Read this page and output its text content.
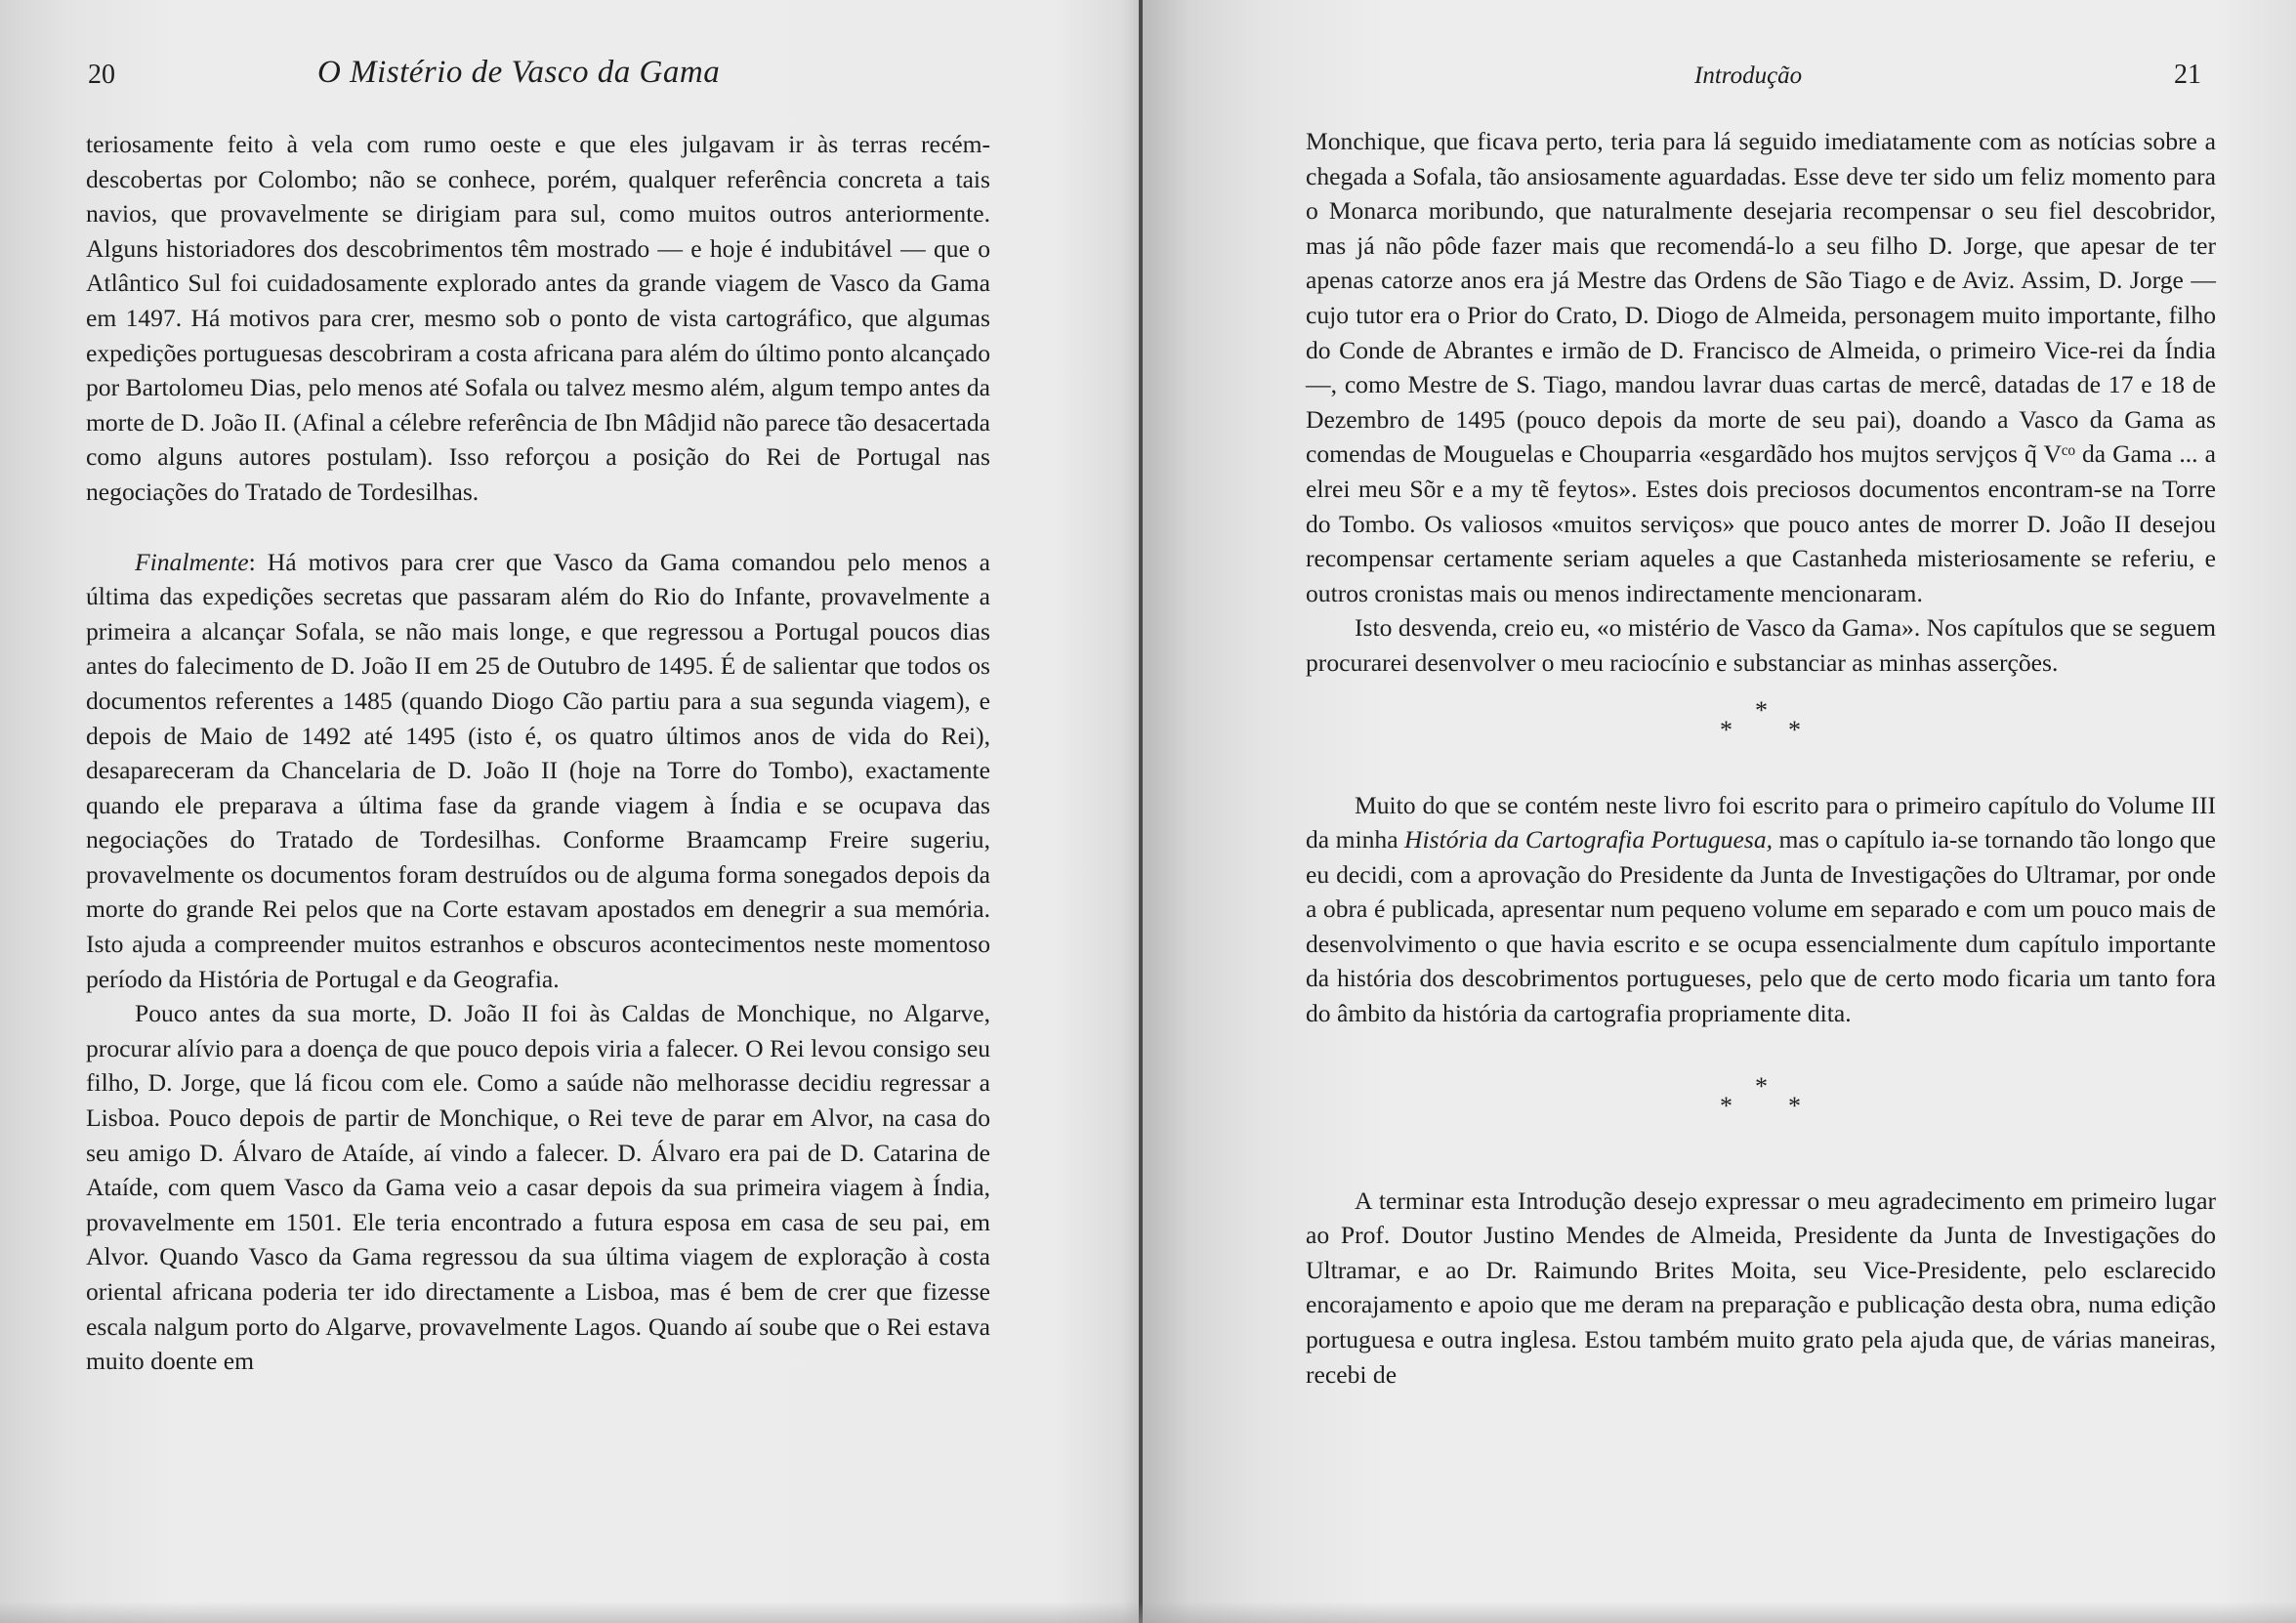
20	O Mistério de Vasco da Gama

teriosamente feito à vela com rumo oeste e que eles julgavam ir às terras recém-descobertas por Colombo; não se conhece, porém, qualquer referência concreta a tais navios, que provavelmente se dirigiam para sul, como muitos outros anteriormente. Alguns historiadores dos descobrimentos têm mostrado — e hoje é indubitável — que o Atlântico Sul foi cuidadosamente explorado antes da grande viagem de Vasco da Gama em 1497. Há motivos para crer, mesmo sob o ponto de vista cartográfico, que algumas expedições portuguesas descobriram a costa africana para além do último ponto alcançado por Bartolomeu Dias, pelo menos até Sofala ou talvez mesmo além, algum tempo antes da morte de D. João II. (Afinal a célebre referência de Ibn Mâdjid não parece tão desacertada como alguns autores postulam). Isso reforçou a posição do Rei de Portugal nas negociações do Tratado de Tordesilhas.

Finalmente: Há motivos para crer que Vasco da Gama comandou pelo menos a última das expedições secretas que passaram além do Rio do Infante, provavelmente a primeira a alcançar Sofala, se não mais longe, e que regressou a Portugal poucos dias antes do falecimento de D. João II em 25 de Outubro de 1495. É de salientar que todos os documentos referentes a 1485 (quando Diogo Cão partiu para a sua segunda viagem), e depois de Maio de 1492 até 1495 (isto é, os quatro últimos anos de vida do Rei), desapareceram da Chancelaria de D. João II (hoje na Torre do Tombo), exactamente quando ele preparava a última fase da grande viagem à Índia e se ocupava das negociações do Tratado de Tordesilhas. Conforme Braamcamp Freire sugeriu, provavelmente os documentos foram destruídos ou de alguma forma sonegados depois da morte do grande Rei pelos que na Corte estavam apostados em denegrir a sua memória. Isto ajuda a compreender muitos estranhos e obscuros acontecimentos neste momentoso período da História de Portugal e da Geografia.

Pouco antes da sua morte, D. João II foi às Caldas de Monchique, no Algarve, procurar alívio para a doença de que pouco depois viria a falecer. O Rei levou consigo seu filho, D. Jorge, que lá ficou com ele. Como a saúde não melhorasse decidiu regressar a Lisboa. Pouco depois de partir de Monchique, o Rei teve de parar em Alvor, na casa do seu amigo D. Álvaro de Ataíde, aí vindo a falecer. D. Álvaro era pai de D. Catarina de Ataíde, com quem Vasco da Gama veio a casar depois da sua primeira viagem à Índia, provavelmente em 1501. Ele teria encontrado a futura esposa em casa de seu pai, em Alvor. Quando Vasco da Gama regressou da sua última viagem de exploração à costa oriental africana poderia ter ido directamente a Lisboa, mas é bem de crer que fizesse escala nalgum porto do Algarve, provavelmente Lagos. Quando aí soube que o Rei estava muito doente em

Introdução	21

Monchique, que ficava perto, teria para lá seguido imediatamente com as notícias sobre a chegada a Sofala, tão ansiosamente aguardadas. Esse deve ter sido um feliz momento para o Monarca moribundo, que naturalmente desejaria recompensar o seu fiel descobridor, mas já não pôde fazer mais que recomendá-lo a seu filho D. Jorge, que apesar de ter apenas catorze anos era já Mestre das Ordens de São Tiago e de Aviz. Assim, D. Jorge — cujo tutor era o Prior do Crato, D. Diogo de Almeida, personagem muito importante, filho do Conde de Abrantes e irmão de D. Francisco de Almeida, o primeiro Vice-rei da Índia —, como Mestre de S. Tiago, mandou lavrar duas cartas de mercê, datadas de 17 e 18 de Dezembro de 1495 (pouco depois da morte de seu pai), doando a Vasco da Gama as comendas de Mouguelas e Chouparria «esgardãdo hos mujtos servjços q̃ Vᶜᵒ da Gama ... a elrei meu Sõr e a my tẽ feytos». Estes dois preciosos documentos encontram-se na Torre do Tombo. Os valiosos «muitos serviços» que pouco antes de morrer D. João II desejou recompensar certamente seriam aqueles a que Castanheda misteriosamente se referiu, e outros cronistas mais ou menos indirectamente mencionaram.

Isto desvenda, creio eu, «o mistério de Vasco da Gama». Nos capítulos que se seguem procurarei desenvolver o meu raciocínio e substanciar as minhas asserções.

*
* *

Muito do que se contém neste livro foi escrito para o primeiro capítulo do Volume III da minha História da Cartografia Portuguesa, mas o capítulo ia-se tornando tão longo que eu decidi, com a aprovação do Presidente da Junta de Investigações do Ultramar, por onde a obra é publicada, apresentar num pequeno volume em separado e com um pouco mais de desenvolvimento o que havia escrito e se ocupa essencialmente dum capítulo importante da história dos descobrimentos portugueses, pelo que de certo modo ficaria um tanto fora do âmbito da história da cartografia propriamente dita.

*
* *

A terminar esta Introdução desejo expressar o meu agradecimento em primeiro lugar ao Prof. Doutor Justino Mendes de Almeida, Presidente da Junta de Investigações do Ultramar, e ao Dr. Raimundo Brites Moita, seu Vice-Presidente, pelo esclarecido encorajamento e apoio que me deram na preparação e publicação desta obra, numa edição portuguesa e outra inglesa. Estou também muito grato pela ajuda que, de várias maneiras, recebi de
